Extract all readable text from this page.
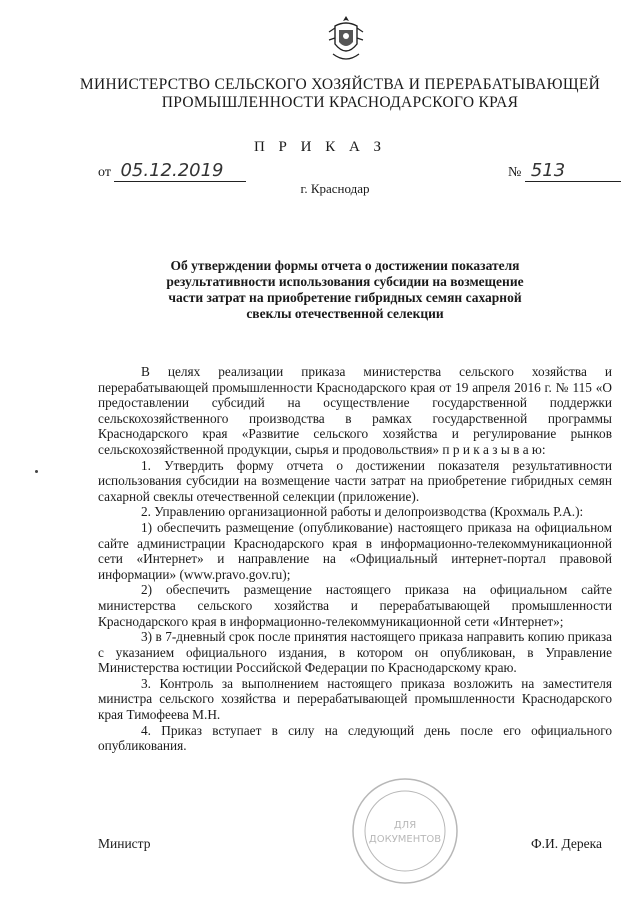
МИНИСТЕРСТВО СЕЛЬСКОГО ХОЗЯЙСТВА И ПЕРЕРАБАТЫВАЮЩЕЙ
ПРОМЫШЛЕННОСТИ КРАСНОДАРСКОГО КРАЯ
П Р И К А З
от 05.12.2019	№ 513
г. Краснодар
Об утверждении формы отчета о достижении показателя результативности использования субсидии на возмещение части затрат на приобретение гибридных семян сахарной свеклы отечественной селекции

В целях реализации приказа министерства сельского хозяйства и перерабатывающей промышленности Краснодарского края от 19 апреля 2016 г. № 115 «О предоставлении субсидий на осуществление государственной поддержки сельскохозяйственного производства в рамках государственной программы Краснодарского края «Развитие сельского хозяйства и регулирование рынков сельскохозяйственной продукции, сырья и продовольствия» п р и к а з ы в а ю:

1. Утвердить форму отчета о достижении показателя результативности использования субсидии на возмещение части затрат на приобретение гибридных семян сахарной свеклы отечественной селекции (приложение).

2. Управлению организационной работы и делопроизводства (Крохмаль Р.А.):

1) обеспечить размещение (опубликование) настоящего приказа на официальном сайте администрации Краснодарского края в информационно-телекоммуникационной сети «Интернет» и направление на «Официальный интернет-портал правовой информации» (www.pravo.gov.ru);

2) обеспечить размещение настоящего приказа на официальном сайте министерства сельского хозяйства и перерабатывающей промышленности Краснодарского края в информационно-телекоммуникационной сети «Интернет»;

3) в 7-дневный срок после принятия настоящего приказа направить копию приказа с указанием официального издания, в котором он опубликован, в Управление Министерства юстиции Российской Федерации по Краснодарскому краю.

3. Контроль за выполнением настоящего приказа возложить на заместителя министра сельского хозяйства и перерабатывающей промышленности Краснодарского края Тимофеева М.Н.

4. Приказ вступает в силу на следующий день после его официального опубликования.

ДЛЯ
ДОКУМЕНТОВ
Министр	Ф.И. Дерека
